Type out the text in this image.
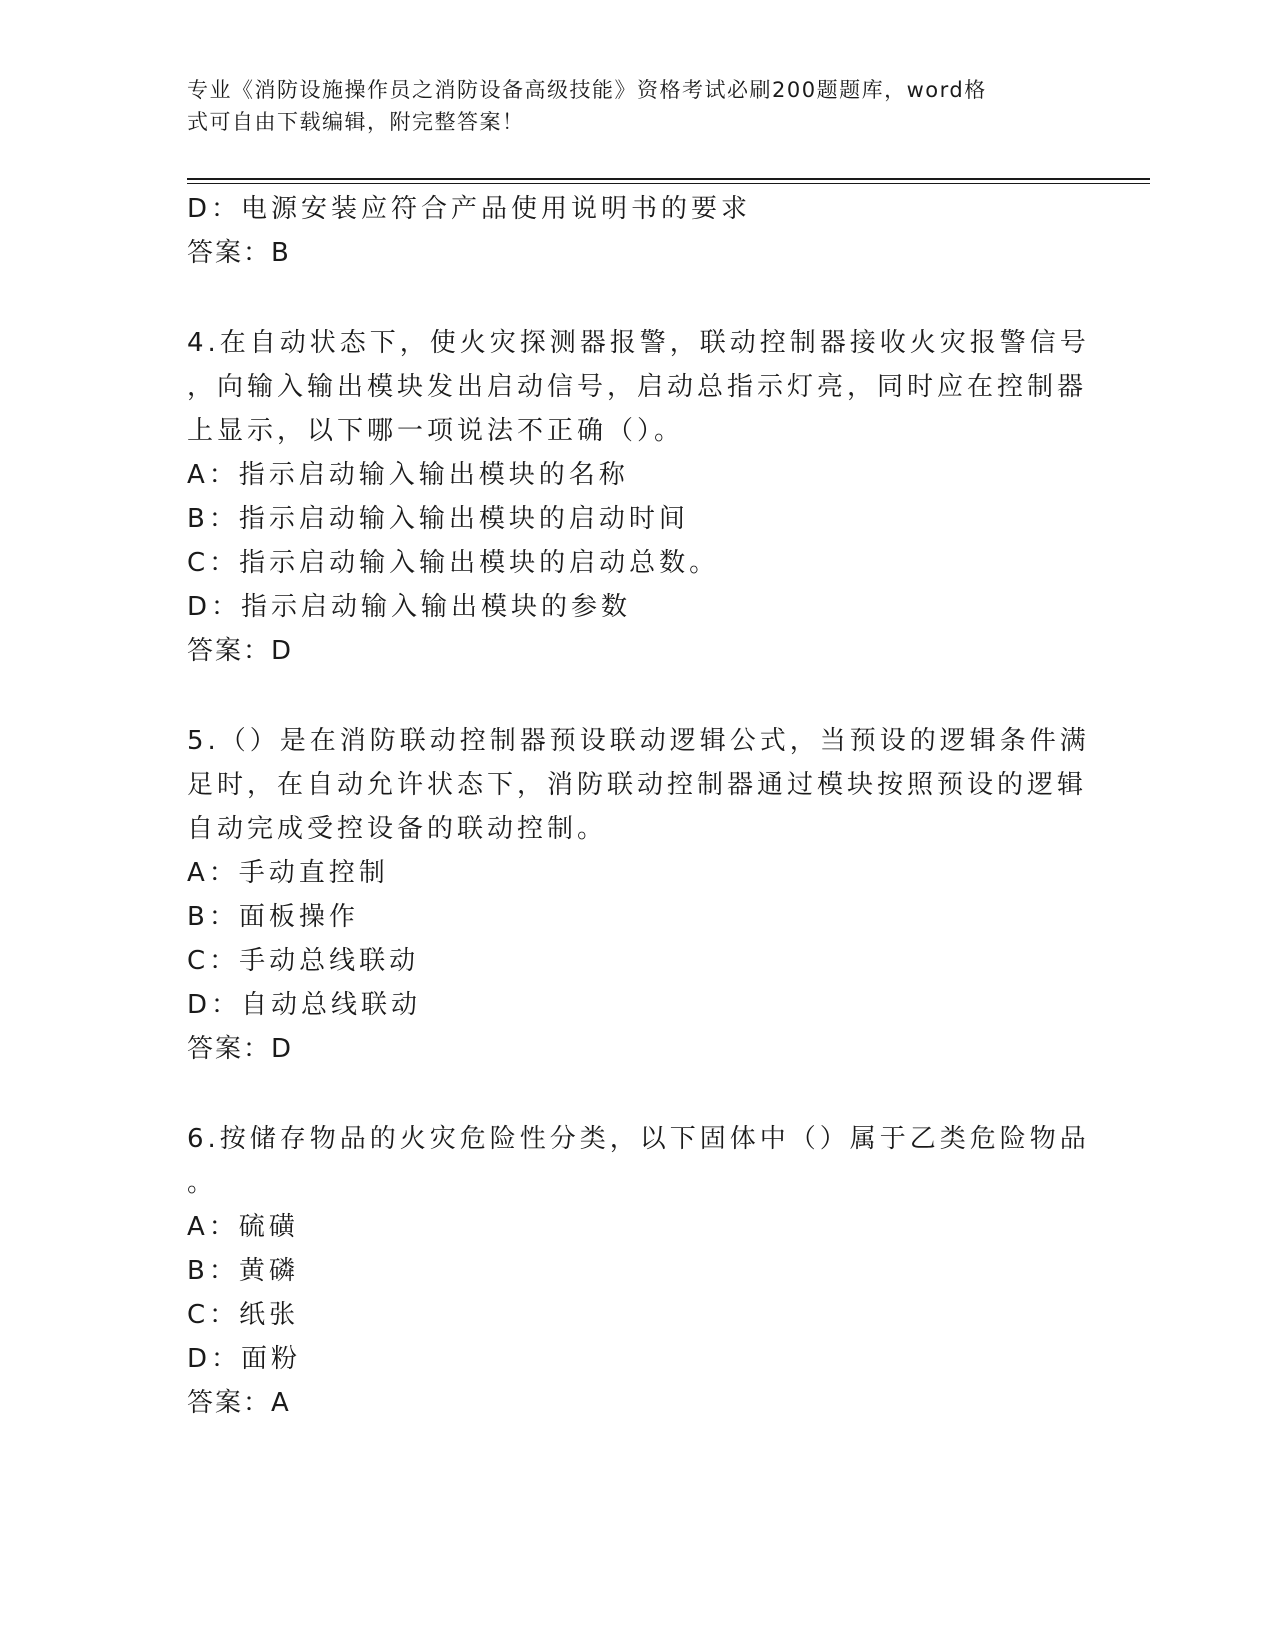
专业《消防设施操作员之消防设备高级技能》资格考试必刷200题题库，word格
式可自由下载编辑，附完整答案！
D：电源安装应符合产品使用说明书的要求
答案：B
4.在自动状态下，使火灾探测器报警，联动控制器接收火灾报警信号
，向输入输出模块发出启动信号，启动总指示灯亮，同时应在控制器
上显示，以下哪一项说法不正确（）。
A：指示启动输入输出模块的名称
B：指示启动输入输出模块的启动时间
C：指示启动输入输出模块的启动总数。
D：指示启动输入输出模块的参数
答案：D
5.（）是在消防联动控制器预设联动逻辑公式，当预设的逻辑条件满
足时，在自动允许状态下，消防联动控制器通过模块按照预设的逻辑
自动完成受控设备的联动控制。
A：手动直控制
B：面板操作
C：手动总线联动
D：自动总线联动
答案：D
6.按储存物品的火灾危险性分类，以下固体中（）属于乙类危险物品
。
A：硫磺
B：黄磷
C：纸张
D：面粉
答案：A
